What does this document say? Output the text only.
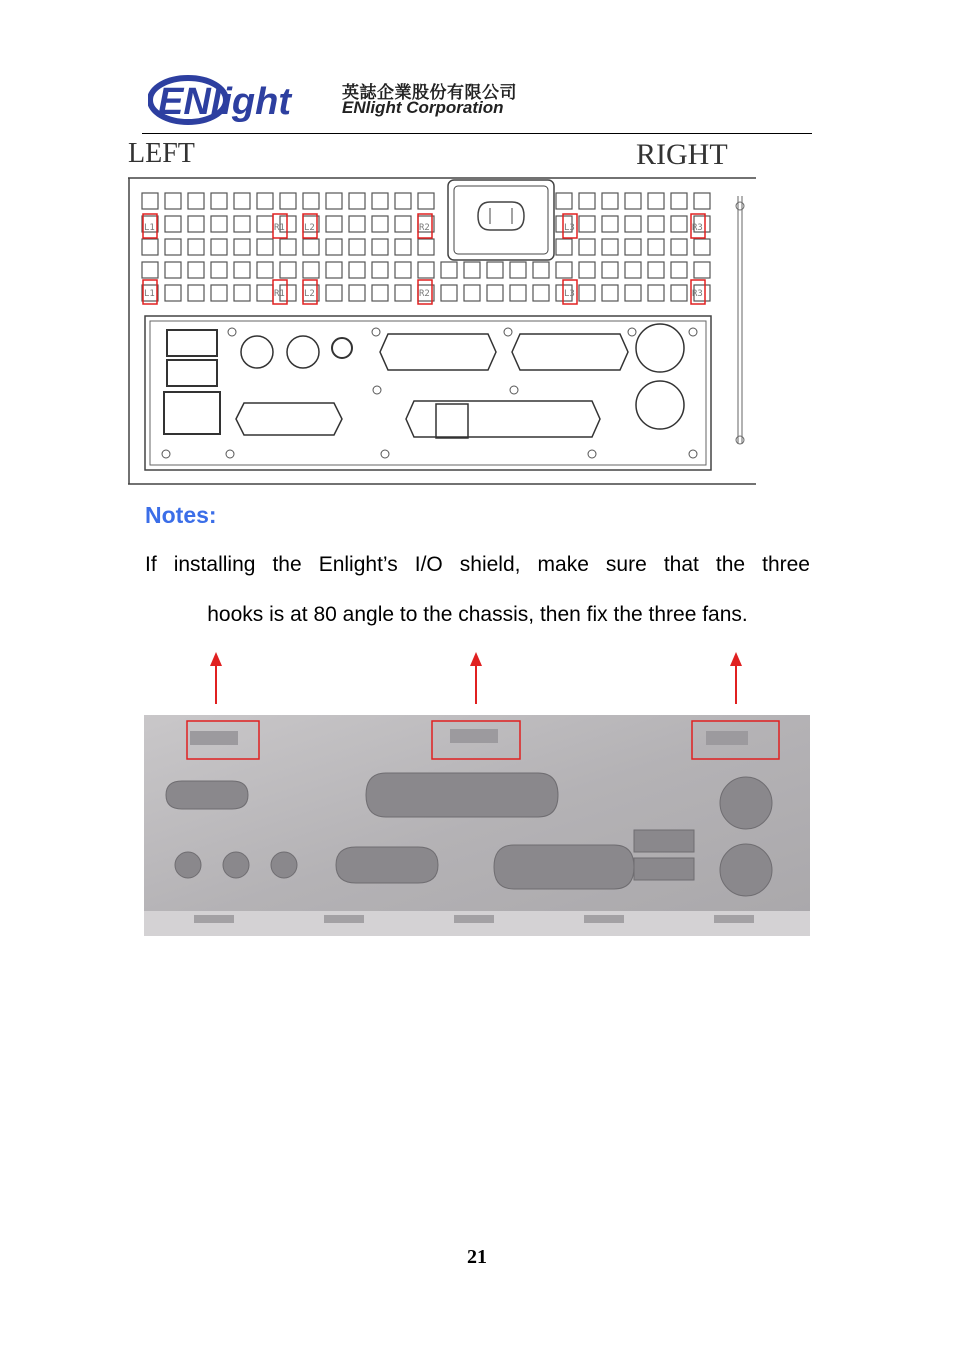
ENlight	英誌企業股份有限公司
ENlight Corporation
LEFT	RIGHT
L1	R1 L2	R2	L3	R3
L1	R1 L2	R2	L3	R3
Notes:
If installing the Enlight’s I/O shield, make sure that the three
hooks is at 80 angle to the chassis, then fix the three fans.
21
